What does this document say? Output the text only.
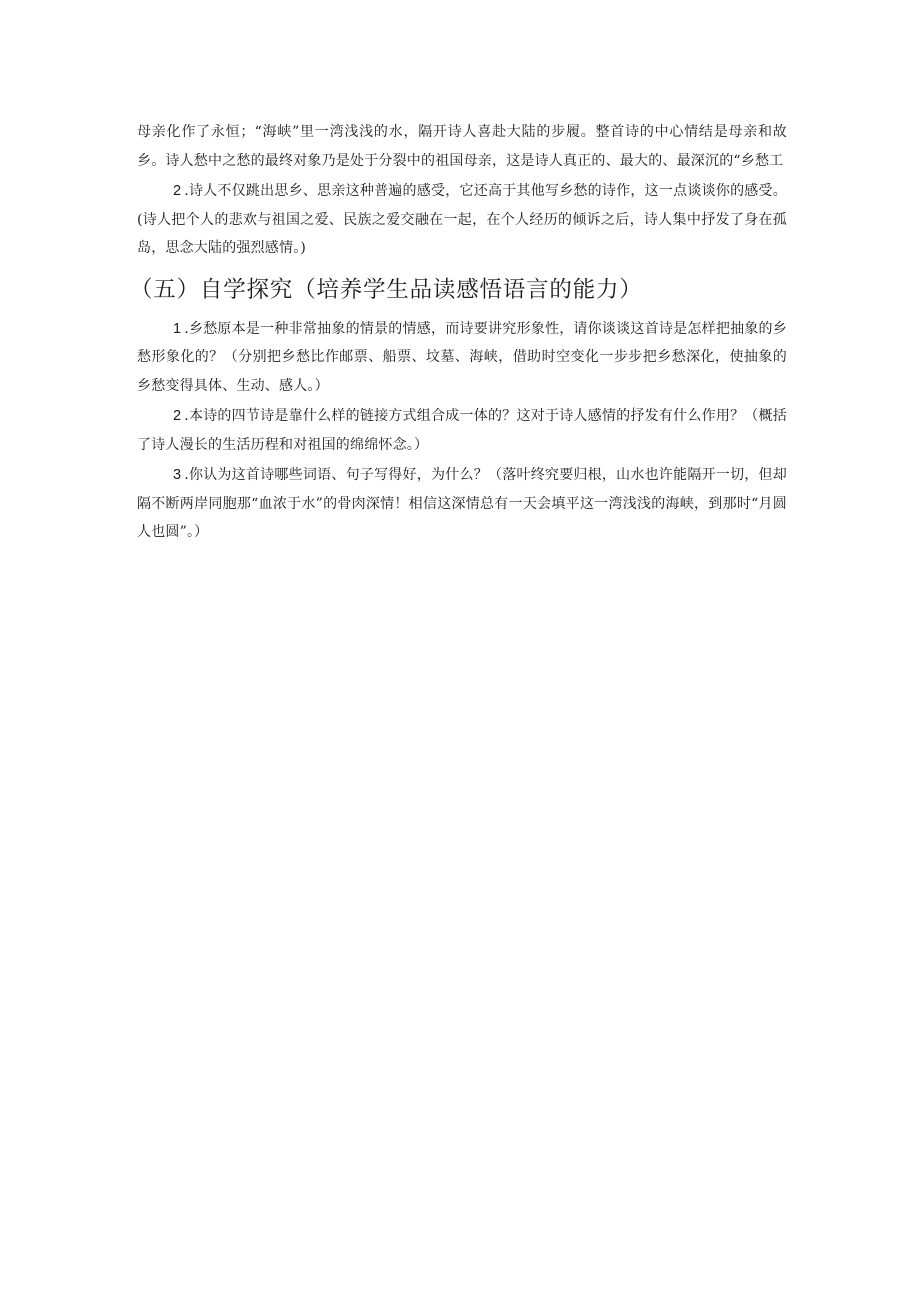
母亲化作了永恒；“海峡”里一湾浅浅的水，隔开诗人喜赴大陆的步履。整首诗的中心情结是母亲和故乡。诗人愁中之愁的最终对象乃是处于分裂中的祖国母亲，这是诗人真正的、最大的、最深沉的“乡愁工

2 .诗人不仅跳出思乡、思亲这种普遍的感受，它还高于其他写乡愁的诗作，这一点谈谈你的感受。(诗人把个人的悲欢与祖国之爱、民族之爱交融在一起，在个人经历的倾诉之后，诗人集中抒发了身在孤岛，思念大陆的强烈感情。)

（五）自学探究（培养学生品读感悟语言的能力）

1 .乡愁原本是一种非常抽象的情景的情感，而诗要讲究形象性，请你谈谈这首诗是怎样把抽象的乡愁形象化的？（分别把乡愁比作邮票、船票、坟墓、海峡，借助时空变化一步步把乡愁深化，使抽象的乡愁变得具体、生动、感人。）

2 .本诗的四节诗是靠什么样的链接方式组合成一体的？这对于诗人感情的抒发有什么作用？（概括了诗人漫长的生活历程和对祖国的绵绵怀念。）

3 .你认为这首诗哪些词语、句子写得好，为什么？（落叶终究要归根，山水也许能隔开一切，但却隔不断两岸同胞那“血浓于水”的骨肉深情！相信这深情总有一天会填平这一湾浅浅的海峡，到那时“月圆人也圆”。）
